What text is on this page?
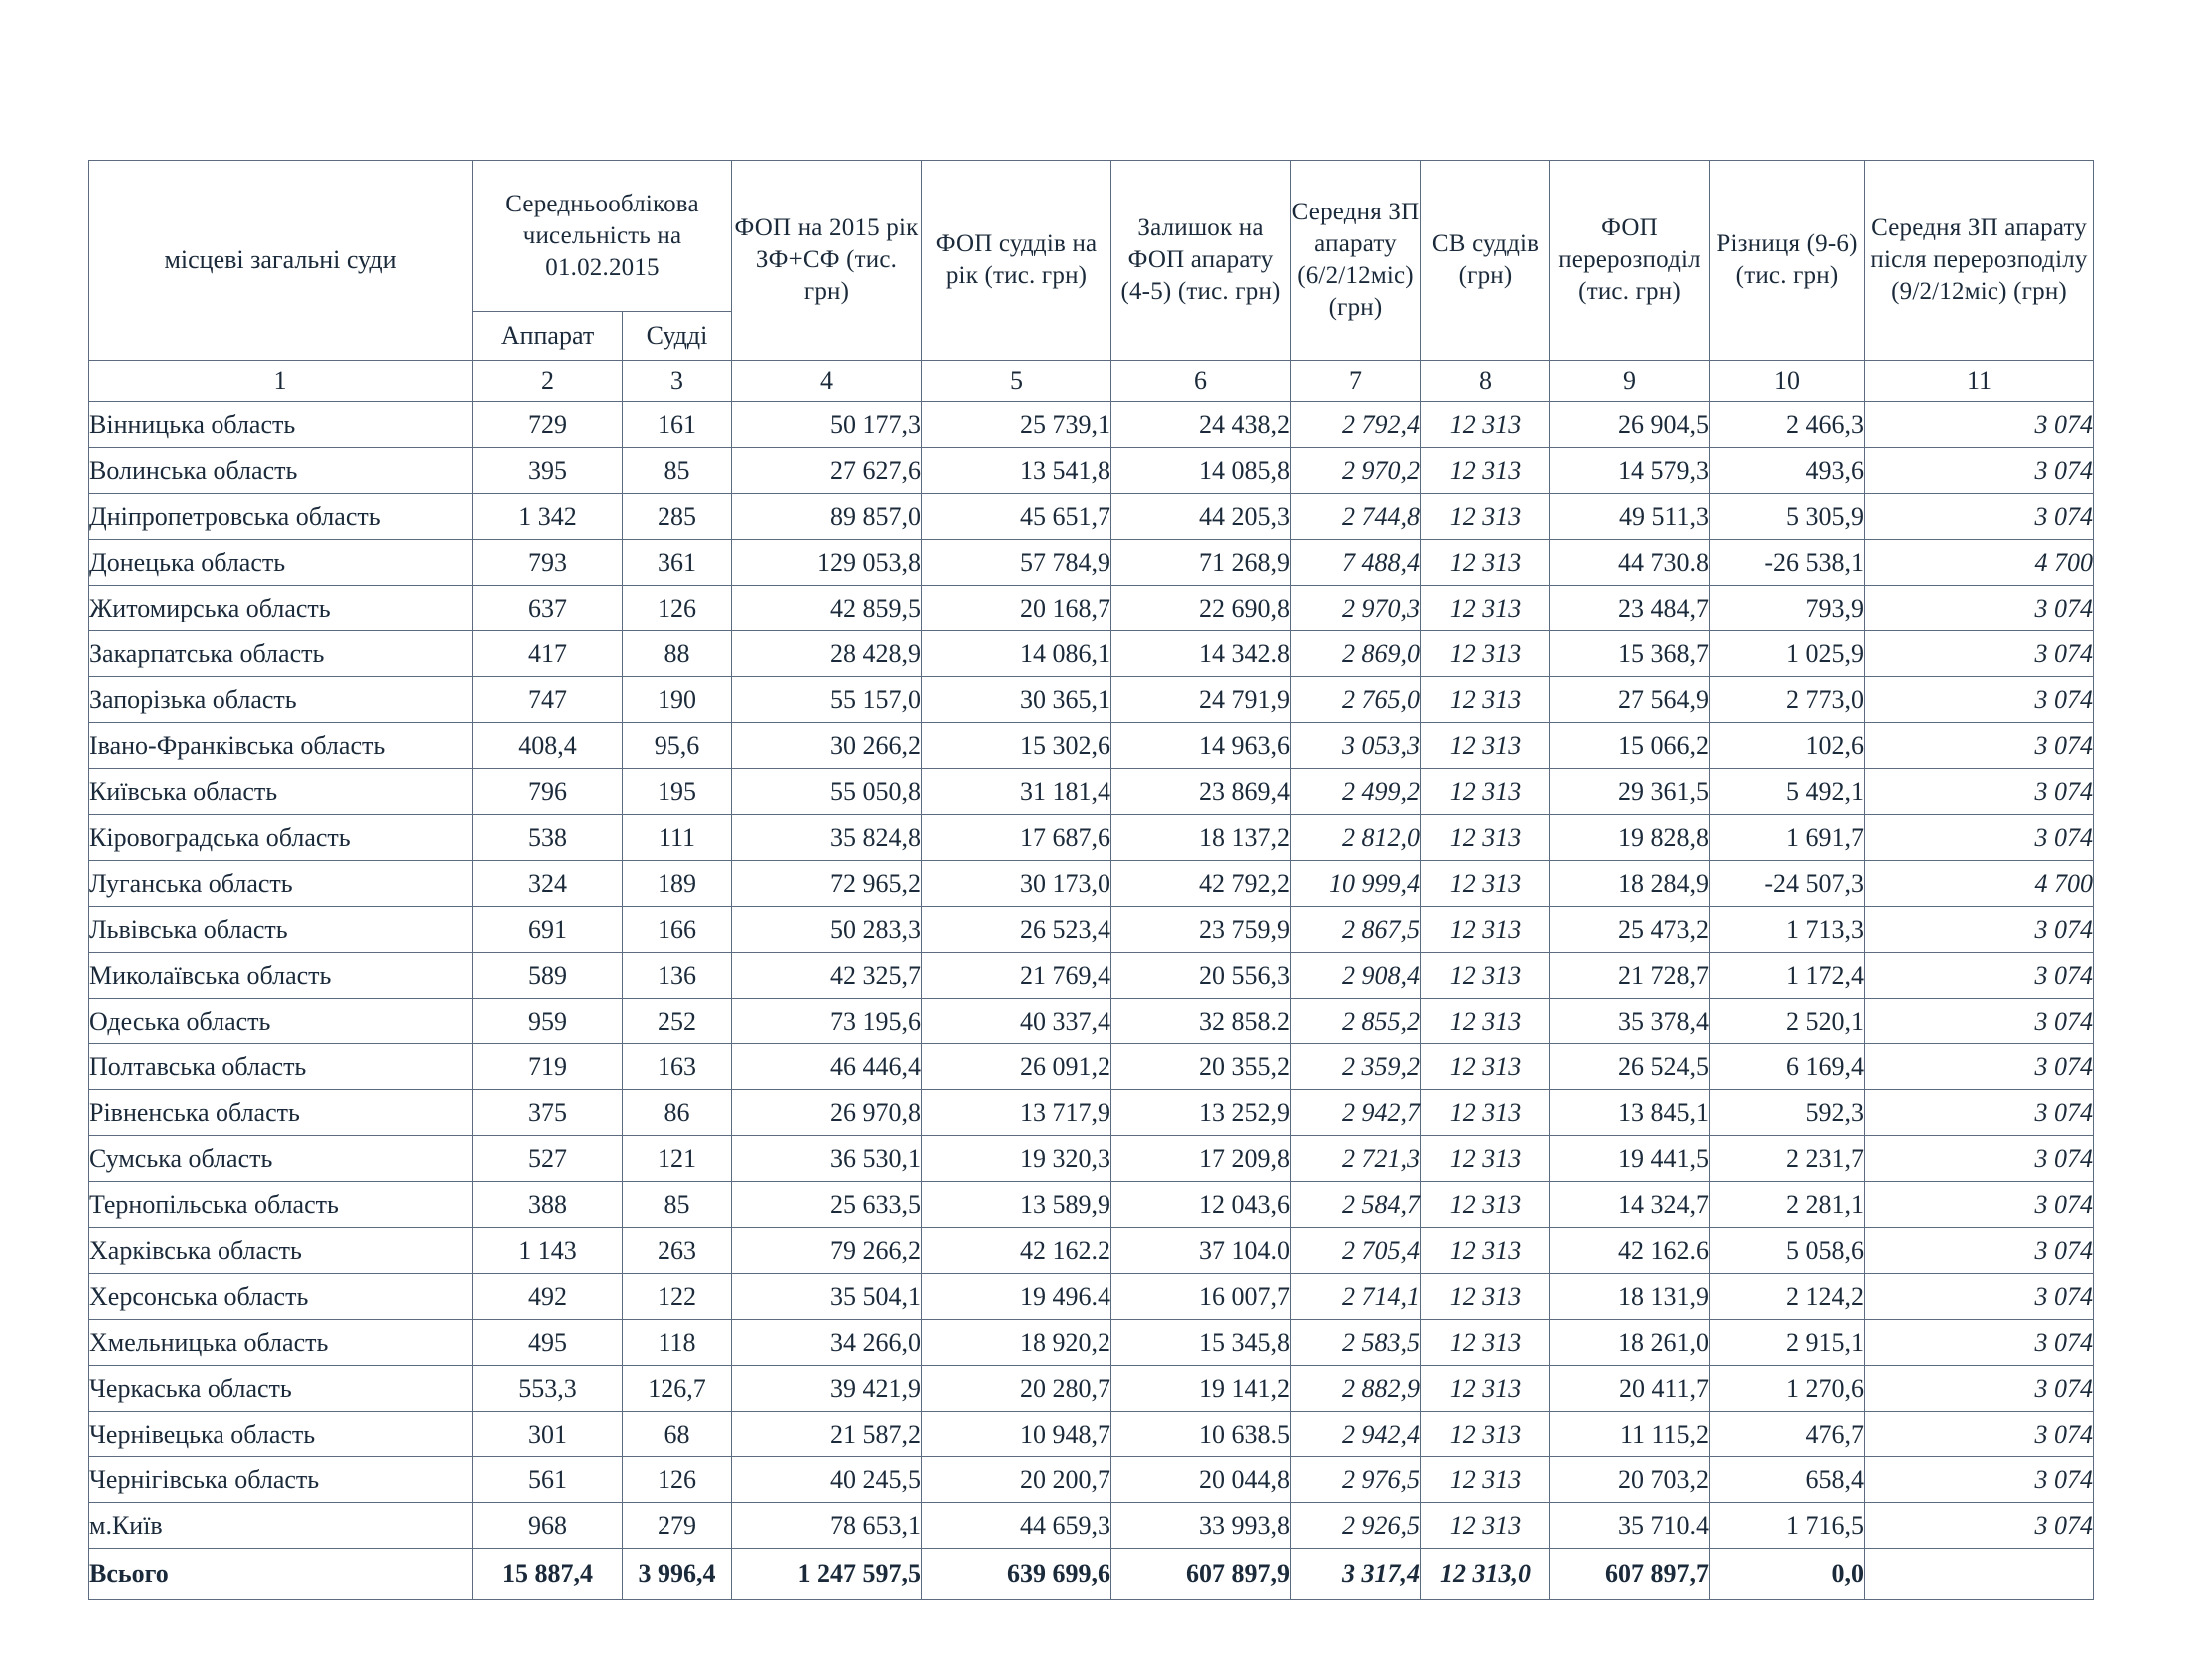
місцеві загальні суди	Середньооблікова чисельність на 01.02.2015		ФОП на 2015 рік ЗФ+СФ (тис. грн)	ФОП суддів на рік (тис. грн)	Залишок на ФОП апарату (4-5) (тис. грн)	Середня ЗП апарату (6/2/12міс) (грн)	СВ суддів (грн)	ФОП перерозподіл (тис. грн)	Різниця (9-6) (тис. грн)	Середня ЗП апарату після перерозподілу (9/2/12міс) (грн)
	Аппарат	Судді								
1	2	3	4	5	6	7	8	9	10	11
Вінницька область	729	161	50 177,3	25 739,1	24 438,2	2 792,4	12 313	26 904,5	2 466,3	3 074
Волинська область	395	85	27 627,6	13 541,8	14 085,8	2 970,2	12 313	14 579,3	493,6	3 074
Дніпропетровська область	1 342	285	89 857,0	45 651,7	44 205,3	2 744,8	12 313	49 511,3	5 305,9	3 074
Донецька область	793	361	129 053,8	57 784,9	71 268,9	7 488,4	12 313	44 730.8	-26 538,1	4 700
Житомирська область	637	126	42 859,5	20 168,7	22 690,8	2 970,3	12 313	23 484,7	793,9	3 074
Закарпатська область	417	88	28 428,9	14 086,1	14 342.8	2 869,0	12 313	15 368,7	1 025,9	3 074
Запорізька область	747	190	55 157,0	30 365,1	24 791,9	2 765,0	12 313	27 564,9	2 773,0	3 074
Івано-Франківська область	408,4	95,6	30 266,2	15 302,6	14 963,6	3 053,3	12 313	15 066,2	102,6	3 074
Київська область	796	195	55 050,8	31 181,4	23 869,4	2 499,2	12 313	29 361,5	5 492,1	3 074
Кіровоградська область	538	111	35 824,8	17 687,6	18 137,2	2 812,0	12 313	19 828,8	1 691,7	3 074
Луганська область	324	189	72 965,2	30 173,0	42 792,2	10 999,4	12 313	18 284,9	-24 507,3	4 700
Львівська область	691	166	50 283,3	26 523,4	23 759,9	2 867,5	12 313	25 473,2	1 713,3	3 074
Миколаївська область	589	136	42 325,7	21 769,4	20 556,3	2 908,4	12 313	21 728,7	1 172,4	3 074
Одеська область	959	252	73 195,6	40 337,4	32 858.2	2 855,2	12 313	35 378,4	2 520,1	3 074
Полтавська область	719	163	46 446,4	26 091,2	20 355,2	2 359,2	12 313	26 524,5	6 169,4	3 074
Рівненська область	375	86	26 970,8	13 717,9	13 252,9	2 942,7	12 313	13 845,1	592,3	3 074
Сумська область	527	121	36 530,1	19 320,3	17 209,8	2 721,3	12 313	19 441,5	2 231,7	3 074
Тернопільська область	388	85	25 633,5	13 589,9	12 043,6	2 584,7	12 313	14 324,7	2 281,1	3 074
Харківська область	1 143	263	79 266,2	42 162.2	37 104.0	2 705,4	12 313	42 162.6	5 058,6	3 074
Херсонська область	492	122	35 504,1	19 496.4	16 007,7	2 714,1	12 313	18 131,9	2 124,2	3 074
Хмельницька область	495	118	34 266,0	18 920,2	15 345,8	2 583,5	12 313	18 261,0	2 915,1	3 074
Черкаська область	553,3	126,7	39 421,9	20 280,7	19 141,2	2 882,9	12 313	20 411,7	1 270,6	3 074
Чернівецька область	301	68	21 587,2	10 948,7	10 638.5	2 942,4	12 313	11 115,2	476,7	3 074
Чернігівська область	561	126	40 245,5	20 200,7	20 044,8	2 976,5	12 313	20 703,2	658,4	3 074
м.Київ	968	279	78 653,1	44 659,3	33 993,8	2 926,5	12 313	35 710.4	1 716,5	3 074
Всього	15 887,4	3 996,4	1 247 597,5	639 699,6	607 897,9	3 317,4	12 313,0	607 897,7	0,0	
